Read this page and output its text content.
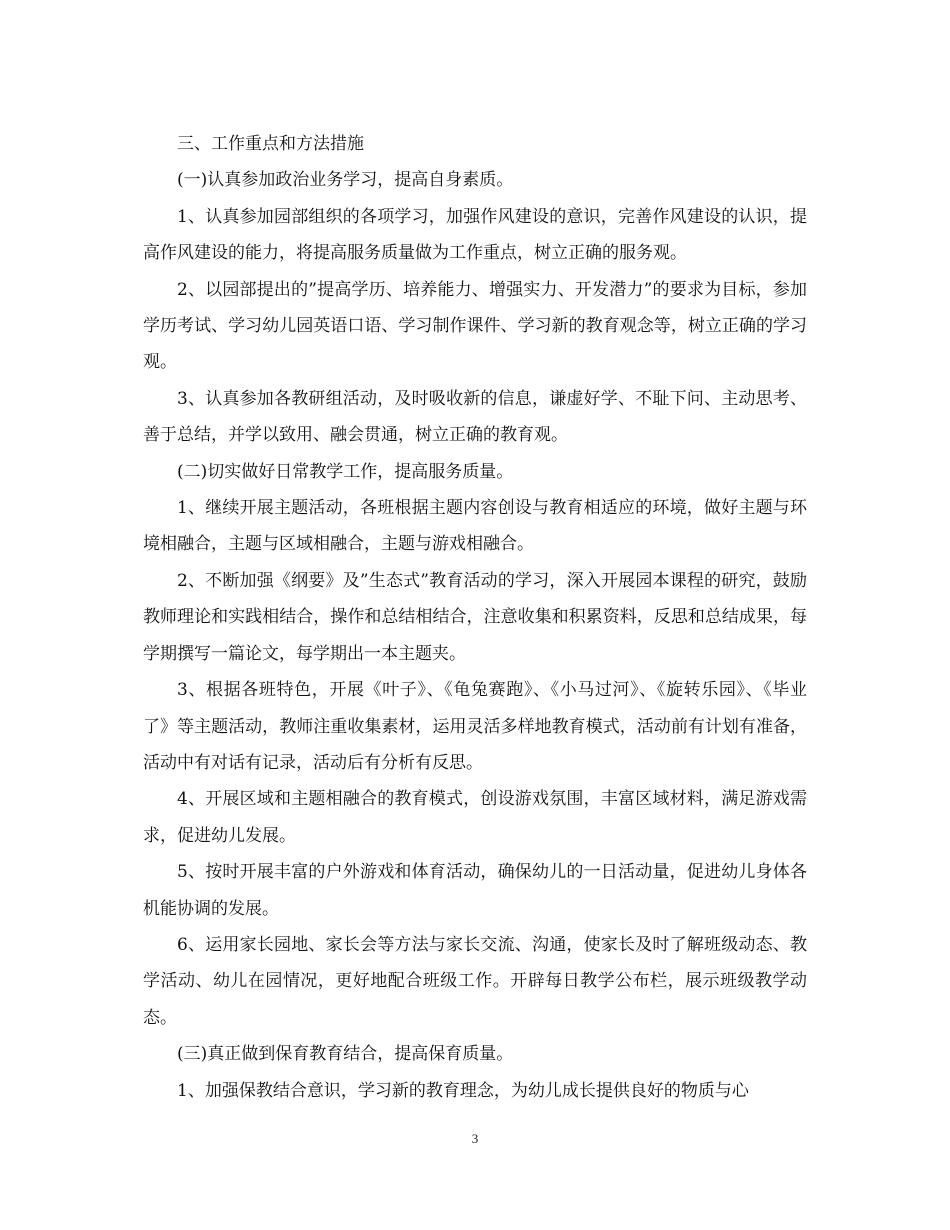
三、工作重点和方法措施

(一)认真参加政治业务学习，提高自身素质。

1、认真参加园部组织的各项学习，加强作风建设的意识，完善作风建设的认识，提高作风建设的能力，将提高服务质量做为工作重点，树立正确的服务观。

2、以园部提出的”提高学历、培养能力、增强实力、开发潜力”的要求为目标，参加学历考试、学习幼儿园英语口语、学习制作课件、学习新的教育观念等，树立正确的学习观。

3、认真参加各教研组活动，及时吸收新的信息，谦虚好学、不耻下问、主动思考、善于总结，并学以致用、融会贯通，树立正确的教育观。

(二)切实做好日常教学工作，提高服务质量。

1、继续开展主题活动，各班根据主题内容创设与教育相适应的环境，做好主题与环境相融合，主题与区域相融合，主题与游戏相融合。

2、不断加强《纲要》及”生态式”教育活动的学习，深入开展园本课程的研究，鼓励教师理论和实践相结合，操作和总结相结合，注意收集和积累资料，反思和总结成果，每学期撰写一篇论文，每学期出一本主题夹。

3、根据各班特色，开展《叶子》、《龟兔赛跑》、《小马过河》、《旋转乐园》、《毕业了》等主题活动，教师注重收集素材，运用灵活多样地教育模式，活动前有计划有准备，活动中有对话有记录，活动后有分析有反思。

4、开展区域和主题相融合的教育模式，创设游戏氛围，丰富区域材料，满足游戏需求，促进幼儿发展。

5、按时开展丰富的户外游戏和体育活动，确保幼儿的一日活动量，促进幼儿身体各机能协调的发展。

6、运用家长园地、家长会等方法与家长交流、沟通，使家长及时了解班级动态、教学活动、幼儿在园情况，更好地配合班级工作。开辟每日教学公布栏，展示班级教学动态。

(三)真正做到保育教育结合，提高保育质量。

1、加强保教结合意识，学习新的教育理念，为幼儿成长提供良好的物质与心

3
